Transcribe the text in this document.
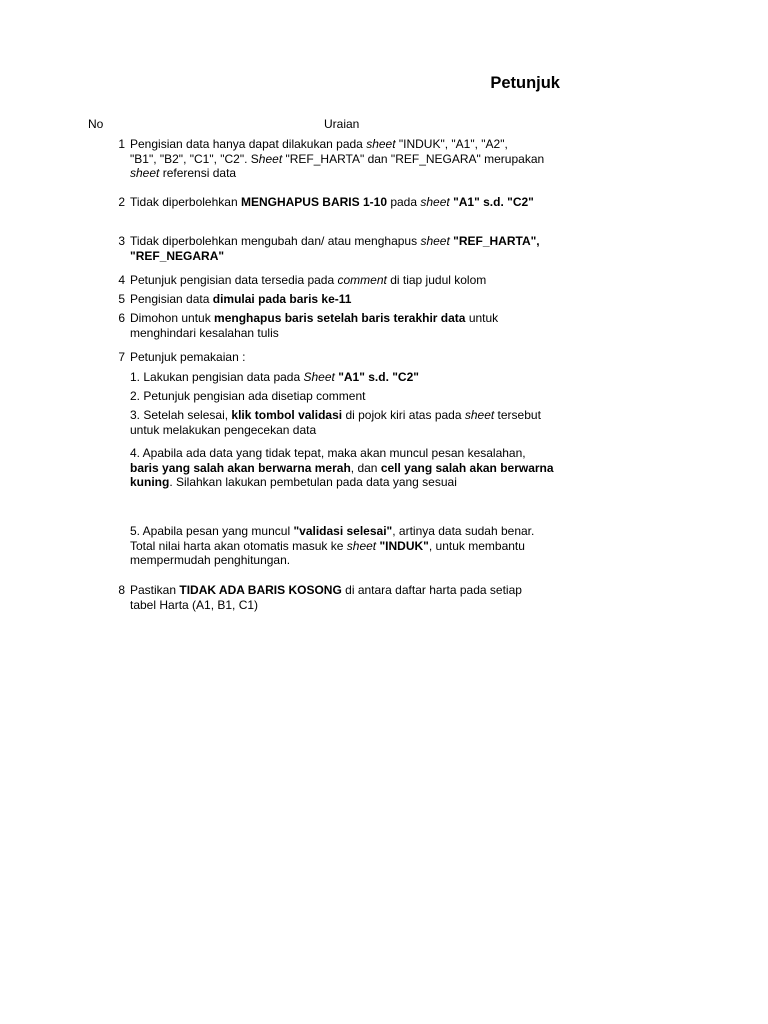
Petunjuk
No	Uraian
1 Pengisian data hanya dapat dilakukan pada sheet "INDUK", "A1", "A2",
"B1", "B2", "C1", "C2". Sheet "REF_HARTA" dan "REF_NEGARA" merupakan
sheet referensi data
2 Tidak diperbolehkan MENGHAPUS BARIS 1-10 pada sheet "A1" s.d. "C2"
3 Tidak diperbolehkan mengubah dan/ atau menghapus sheet "REF_HARTA",
"REF_NEGARA"
4 Petunjuk pengisian data tersedia pada comment di tiap judul kolom
5 Pengisian data dimulai pada baris ke-11
6 Dimohon untuk menghapus baris setelah baris terakhir data untuk
menghindari kesalahan tulis
7 Petunjuk pemakaian :
1. Lakukan pengisian data pada Sheet "A1" s.d. "C2"
2. Petunjuk pengisian ada disetiap comment
3. Setelah selesai, klik tombol validasi di pojok kiri atas pada sheet tersebut
untuk melakukan pengecekan data
4. Apabila ada data yang tidak tepat, maka akan muncul pesan kesalahan,
baris yang salah akan berwarna merah, dan cell yang salah akan berwarna
kuning. Silahkan lakukan pembetulan pada data yang sesuai
5. Apabila pesan yang muncul "validasi selesai", artinya data sudah benar.
Total nilai harta akan otomatis masuk ke sheet "INDUK", untuk membantu
mempermudah penghitungan.
8 Pastikan TIDAK ADA BARIS KOSONG di antara daftar harta pada setiap
tabel Harta (A1, B1, C1)
